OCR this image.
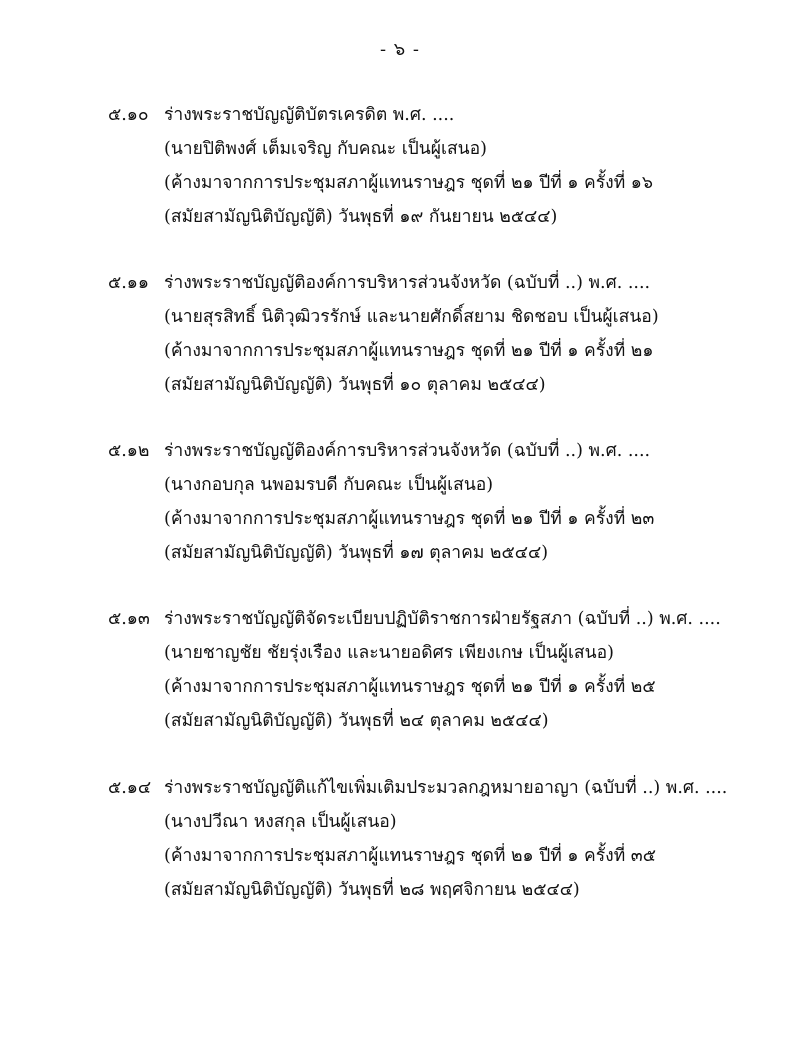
- ๖ -
๕.๑๐ ร่างพระราชบัญญัติบัตรเครดิต พ.ศ. ....
(นายปิติพงศ์ เต็มเจริญ กับคณะ เป็นผู้เสนอ)
(ค้างมาจากการประชุมสภาผู้แทนราษฎร ชุดที่ ๒๑ ปีที่ ๑ ครั้งที่ ๑๖
(สมัยสามัญนิติบัญญัติ) วันพุธที่ ๑๙ กันยายน ๒๕๔๔)
๕.๑๑ ร่างพระราชบัญญัติองค์การบริหารส่วนจังหวัด (ฉบับที่ ..) พ.ศ. ....
(นายสุรสิทธิ์ นิติวุฒิวรรักษ์ และนายศักดิ์สยาม ชิดชอบ เป็นผู้เสนอ)
(ค้างมาจากการประชุมสภาผู้แทนราษฎร ชุดที่ ๒๑ ปีที่ ๑ ครั้งที่ ๒๑
(สมัยสามัญนิติบัญญัติ) วันพุธที่ ๑๐ ตุลาคม ๒๕๔๔)
๕.๑๒ ร่างพระราชบัญญัติองค์การบริหารส่วนจังหวัด (ฉบับที่ ..) พ.ศ. ....
(นางกอบกุล นพอมรบดี กับคณะ เป็นผู้เสนอ)
(ค้างมาจากการประชุมสภาผู้แทนราษฎร ชุดที่ ๒๑ ปีที่ ๑ ครั้งที่ ๒๓
(สมัยสามัญนิติบัญญัติ) วันพุธที่ ๑๗ ตุลาคม ๒๕๔๔)
๕.๑๓ ร่างพระราชบัญญัติจัดระเบียบปฏิบัติราชการฝ่ายรัฐสภา (ฉบับที่ ..) พ.ศ. ....
(นายชาญชัย ชัยรุ่งเรือง และนายอดิศร เพียงเกษ เป็นผู้เสนอ)
(ค้างมาจากการประชุมสภาผู้แทนราษฎร ชุดที่ ๒๑ ปีที่ ๑ ครั้งที่ ๒๕
(สมัยสามัญนิติบัญญัติ) วันพุธที่ ๒๔ ตุลาคม ๒๕๔๔)
๕.๑๔ ร่างพระราชบัญญัติแก้ไขเพิ่มเติมประมวลกฎหมายอาญา (ฉบับที่ ..) พ.ศ. ....
(นางปวีณา หงสกุล เป็นผู้เสนอ)
(ค้างมาจากการประชุมสภาผู้แทนราษฎร ชุดที่ ๒๑ ปีที่ ๑ ครั้งที่ ๓๕
(สมัยสามัญนิติบัญญัติ) วันพุธที่ ๒๘ พฤศจิกายน ๒๕๔๔)
